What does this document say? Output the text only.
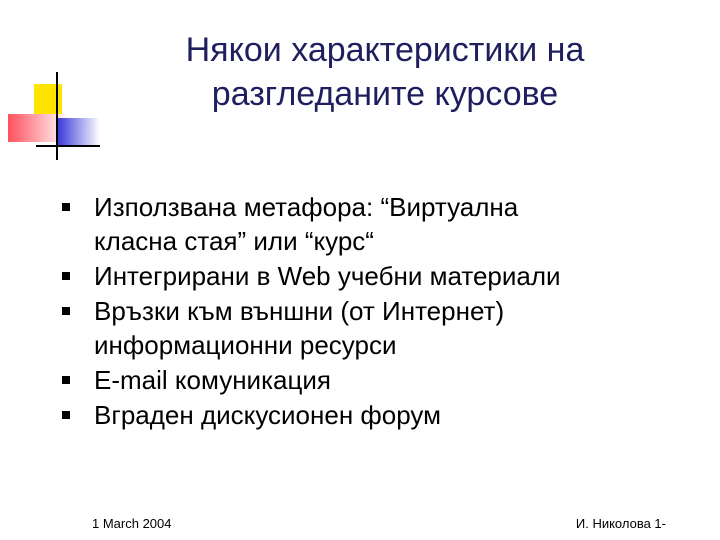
Някои характеристики на
разгледаните курсове
Използвана метафора: “Виртуална
класна стая” или “курс“
Интегрирани в Web учебни материали
Връзки към външни (от Интернет)
информационни ресурси
E-mail комуникация
Вграден дискусионен форум
1 March 2004	И. Николова 1-
